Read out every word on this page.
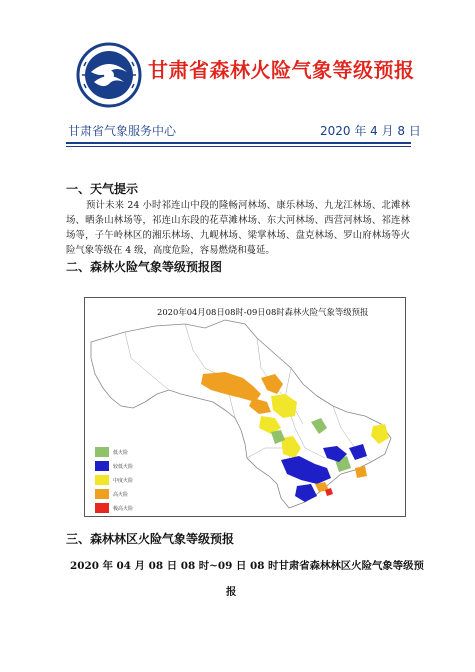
甘肃省森林火险气象等级预报
甘肃省气象服务中心	2020 年 4 月 8 日
一、天气提示
预计未来 24 小时祁连山中段的隆畅河林场、康乐林场、九龙江林场、北滩林场、晒条山林场等，祁连山东段的花草滩林场、东大河林场、西营河林场、祁连林场等，子午岭林区的湘乐林场、九岘林场、梁掌林场、盘克林场、罗山府林场等火险气象等级在 4 级，高度危险，容易燃烧和蔓延。
二、森林火险气象等级预报图
2020年04月08日08时-09日08时森林火险气象等级预报
低火险
较低火险
中度火险
高火险
极高火险
三、森林林区火险气象等级预报
2020 年 04 月 08 日 08 时~09 日 08 时甘肃省森林林区火险气象等级预
报
